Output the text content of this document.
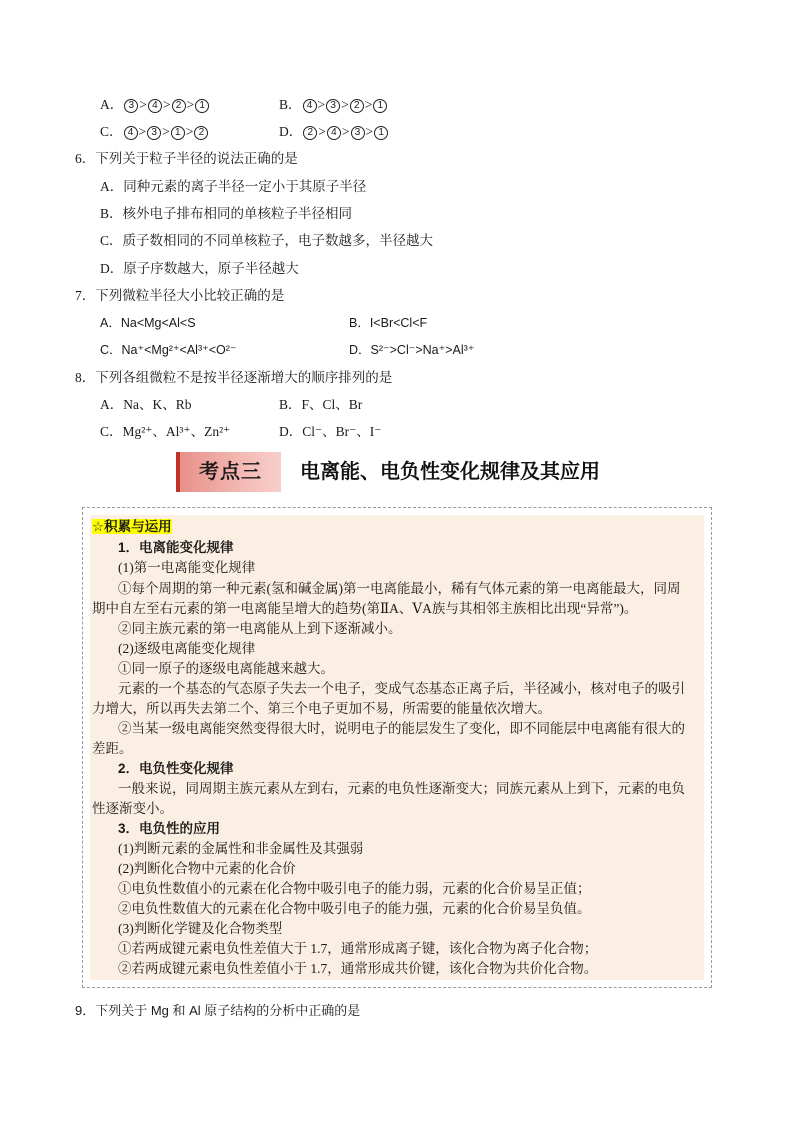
A． 3 > 4 > 2 > 1	B． 4 > 3 > 2 > 1
C． 4 > 3 > 1 > 2	D． 2 > 4 > 3 > 1
6．下列关于粒子半径的说法正确的是
A．同种元素的离子半径一定小于其原子半径
B．核外电子排布相同的单核粒子半径相同
C．质子数相同的不同单核粒子，电子数越多，半径越大
D．原子序数越大，原子半径越大
7．下列微粒半径大小比较正确的是
A．Na<Mg<Al<S	B．I<Br<Cl<F
C．Na⁺<Mg²⁺<Al³⁺<O²⁻	D．S²⁻>Cl⁻>Na⁺>Al³⁺
8．下列各组微粒不是按半径逐渐增大的顺序排列的是
A．Na、K、Rb	B．F、Cl、Br
C．Mg²⁺、Al³⁺、Zn²⁺	D．Cl⁻、Br⁻、I⁻
考点三	电离能、电负性变化规律及其应用
☆积累与运用
1．电离能变化规律
(1)第一电离能变化规律
①每个周期的第一种元素(氢和碱金属)第一电离能最小，稀有气体元素的第一电离能最大，同周
期中自左至右元素的第一电离能呈增大的趋势(第ⅡA、ⅤA族与其相邻主族相比出现“异常”)。
②同主族元素的第一电离能从上到下逐渐减小。
(2)逐级电离能变化规律
①同一原子的逐级电离能越来越大。
元素的一个基态的气态原子失去一个电子，变成气态基态正离子后，半径减小，核对电子的吸引
力增大，所以再失去第二个、第三个电子更加不易，所需要的能量依次增大。
②当某一级电离能突然变得很大时，说明电子的能层发生了变化，即不同能层中电离能有很大的
差距。
2．电负性变化规律
一般来说，同周期主族元素从左到右，元素的电负性逐渐变大；同族元素从上到下，元素的电负
性逐渐变小。
3．电负性的应用
(1)判断元素的金属性和非金属性及其强弱
(2)判断化合物中元素的化合价
①电负性数值小的元素在化合物中吸引电子的能力弱，元素的化合价易呈正值；
②电负性数值大的元素在化合物中吸引电子的能力强，元素的化合价易呈负值。
(3)判断化学键及化合物类型
①若两成键元素电负性差值大于 1.7，通常形成离子键，该化合物为离子化合物；
②若两成键元素电负性差值小于 1.7，通常形成共价键，该化合物为共价化合物。
9．下列关于 Mg 和 Al 原子结构的分析中正确的是
